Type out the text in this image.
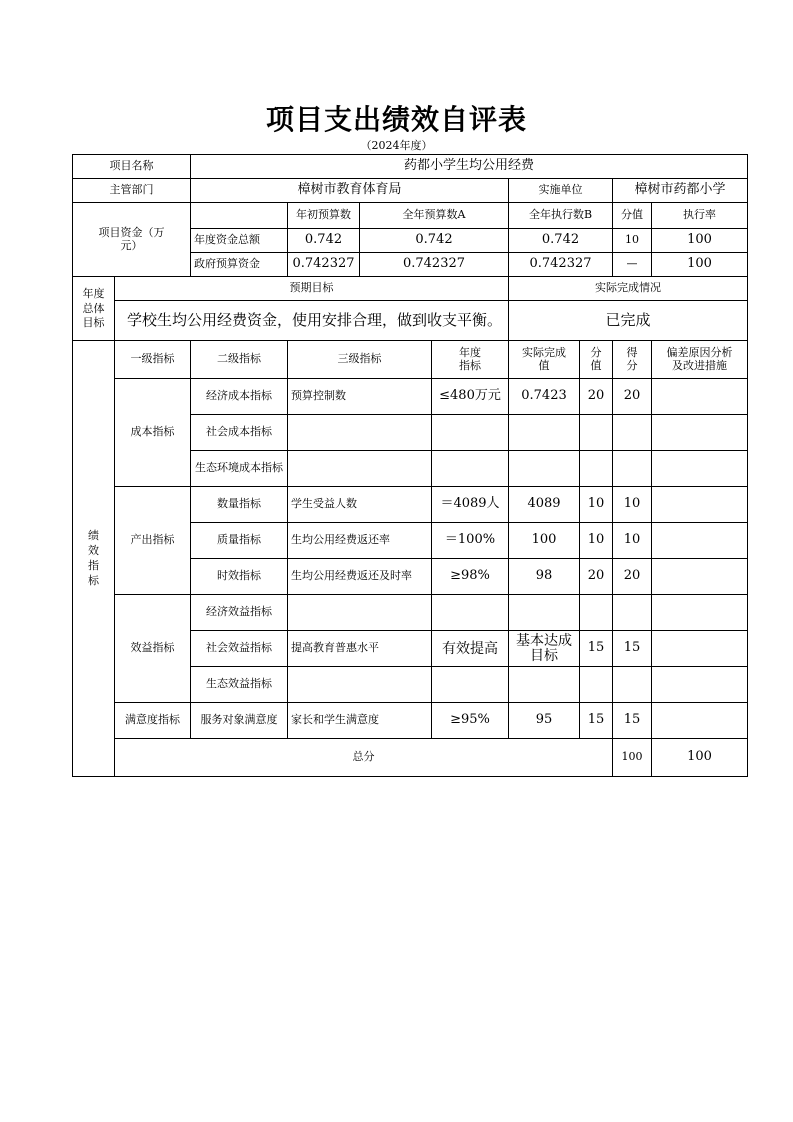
项目支出绩效自评表
（2024年度）
项目名称		药都小学生均公用经费								
主管部门		樟树市教育体育局				实施单位		樟树市药都小学		
项目资金（万元）			年初预算数	全年预算数A		全年执行数B		分值	执行率

		年度资金总额	0.742	0.742		0.742		10	100	
		政府预算资金	0.742327	0.742327		0.742327		—	100	
年度总体目标	预期目标					实际完成情况				
	学校生均公用经费资金，使用安排合理，做到收支平衡。					已完成				
绩效指标	一级指标	二级指标	三级指标		年度指标	实际完成值	分值	得分	偏差原因分析及改进措施	
	成本指标	经济成本指标	预算控制数		≤480万元	0.7423	20	20		
		社会成本指标								
		生态环境成本指标								
	产出指标	数量指标	学生受益人数		＝4089人	4089	10	10		
		质量指标	生均公用经费返还率		＝100%	100	10	10		
		时效指标	生均公用经费返还及时率		≥98%	98	20	20		
	效益指标	经济效益指标								
		社会效益指标	提高教育普惠水平		有效提高	基本达成目标	15	15		
		生态效益指标								
	满意度指标	服务对象满意度	家长和学生满意度		≥95%	95	15	15		
	总分							100	100	
